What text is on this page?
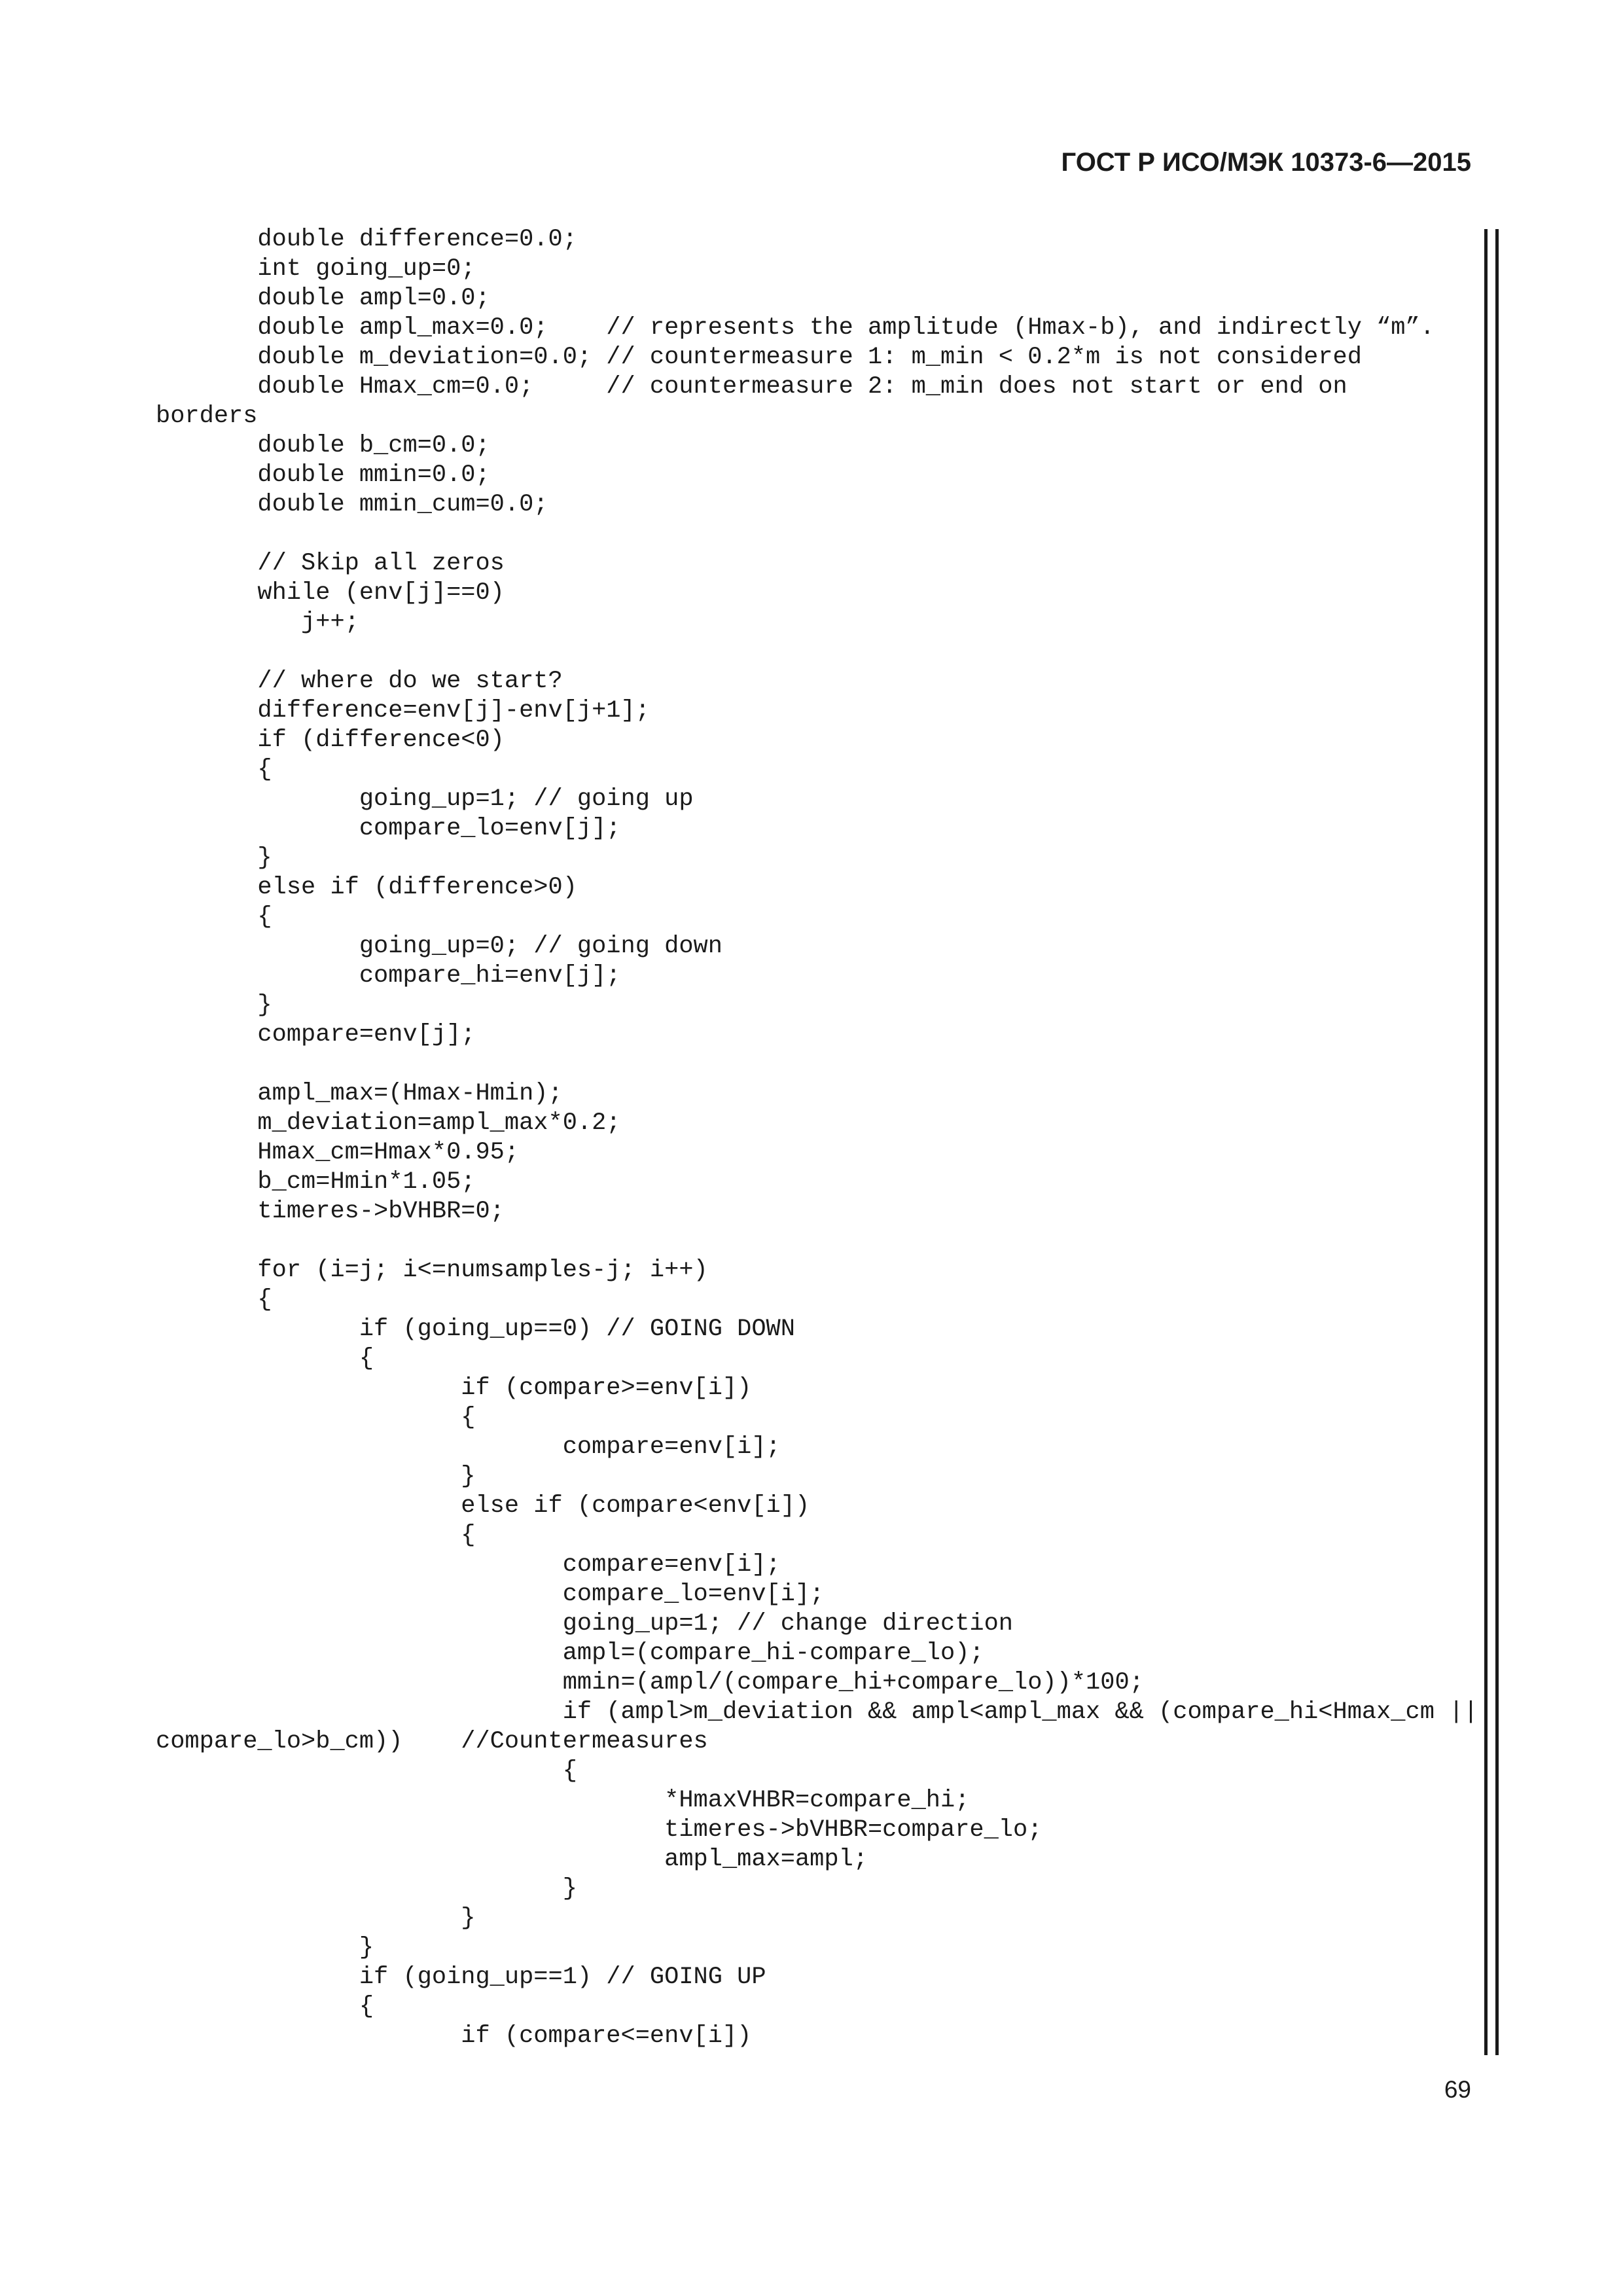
ГОСТ Р ИСО/МЭК 10373-6—2015
double difference=0.0;
int going_up=0;
double ampl=0.0;
double ampl_max=0.0;    // represents the amplitude (Hmax-b), and indirectly “m”.
double m_deviation=0.0; // countermeasure 1: m_min < 0.2*m is not considered
double Hmax_cm=0.0;     // countermeasure 2: m_min does not start or end on
borders
double b_cm=0.0;
double mmin=0.0;
double mmin_cum=0.0;
// Skip all zeros
while (env[j]==0)
j++;
// where do we start?
difference=env[j]-env[j+1];
if (difference<0)
{
going_up=1; // going up
compare_lo=env[j];
}
else if (difference>0)
{
going_up=0; // going down
compare_hi=env[j];
}
compare=env[j];
ampl_max=(Hmax-Hmin);
m_deviation=ampl_max*0.2;
Hmax_cm=Hmax*0.95;
b_cm=Hmin*1.05;
timeres->bVHBR=0;
for (i=j; i<=numsamples-j; i++)
{
if (going_up==0) // GOING DOWN
{
if (compare>=env[i])
{
compare=env[i];
}
else if (compare<env[i])
{
compare=env[i];
compare_lo=env[i];
going_up=1; // change direction
ampl=(compare_hi-compare_lo);
mmin=(ampl/(compare_hi+compare_lo))*100;
if (ampl>m_deviation && ampl<ampl_max && (compare_hi<Hmax_cm ||
compare_lo>b_cm))    //Countermeasures
{
*HmaxVHBR=compare_hi;
timeres->bVHBR=compare_lo;
ampl_max=ampl;
}
}
}
if (going_up==1) // GOING UP
{
if (compare<=env[i])
69
